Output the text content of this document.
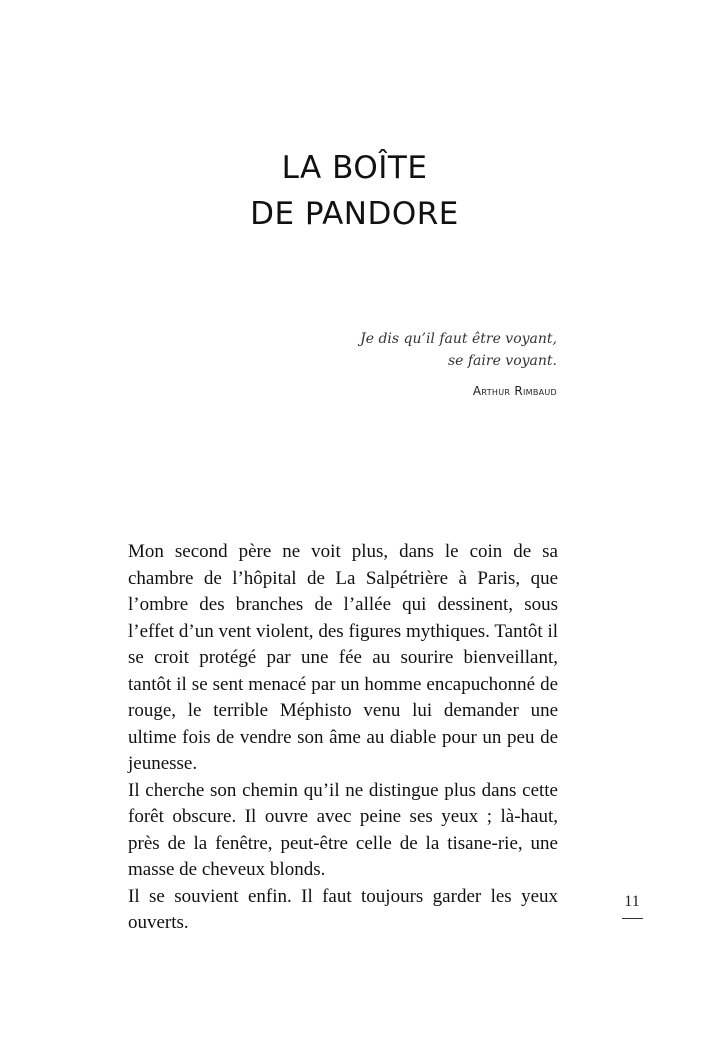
LA BOÎTE
DE PANDORE
Je dis qu’il faut être voyant,
se faire voyant.
Arthur Rimbaud

Mon second père ne voit plus, dans le coin de sa chambre de l’hôpital de La Salpétrière à Paris, que l’ombre des branches de l’allée qui dessinent, sous l’effet d’un vent violent, des figures mythiques. Tantôt il se croit protégé par une fée au sourire bienveillant, tantôt il se sent menacé par un homme encapuchonné de rouge, le terrible Méphisto venu lui demander une ultime fois de vendre son âme au diable pour un peu de jeunesse.

Il cherche son chemin qu’il ne distingue plus dans cette forêt obscure. Il ouvre avec peine ses yeux ; là-haut, près de la fenêtre, peut-être celle de la tisane-rie, une masse de cheveux blonds.

Il se souvient enfin. Il faut toujours garder les yeux ouverts.

11
